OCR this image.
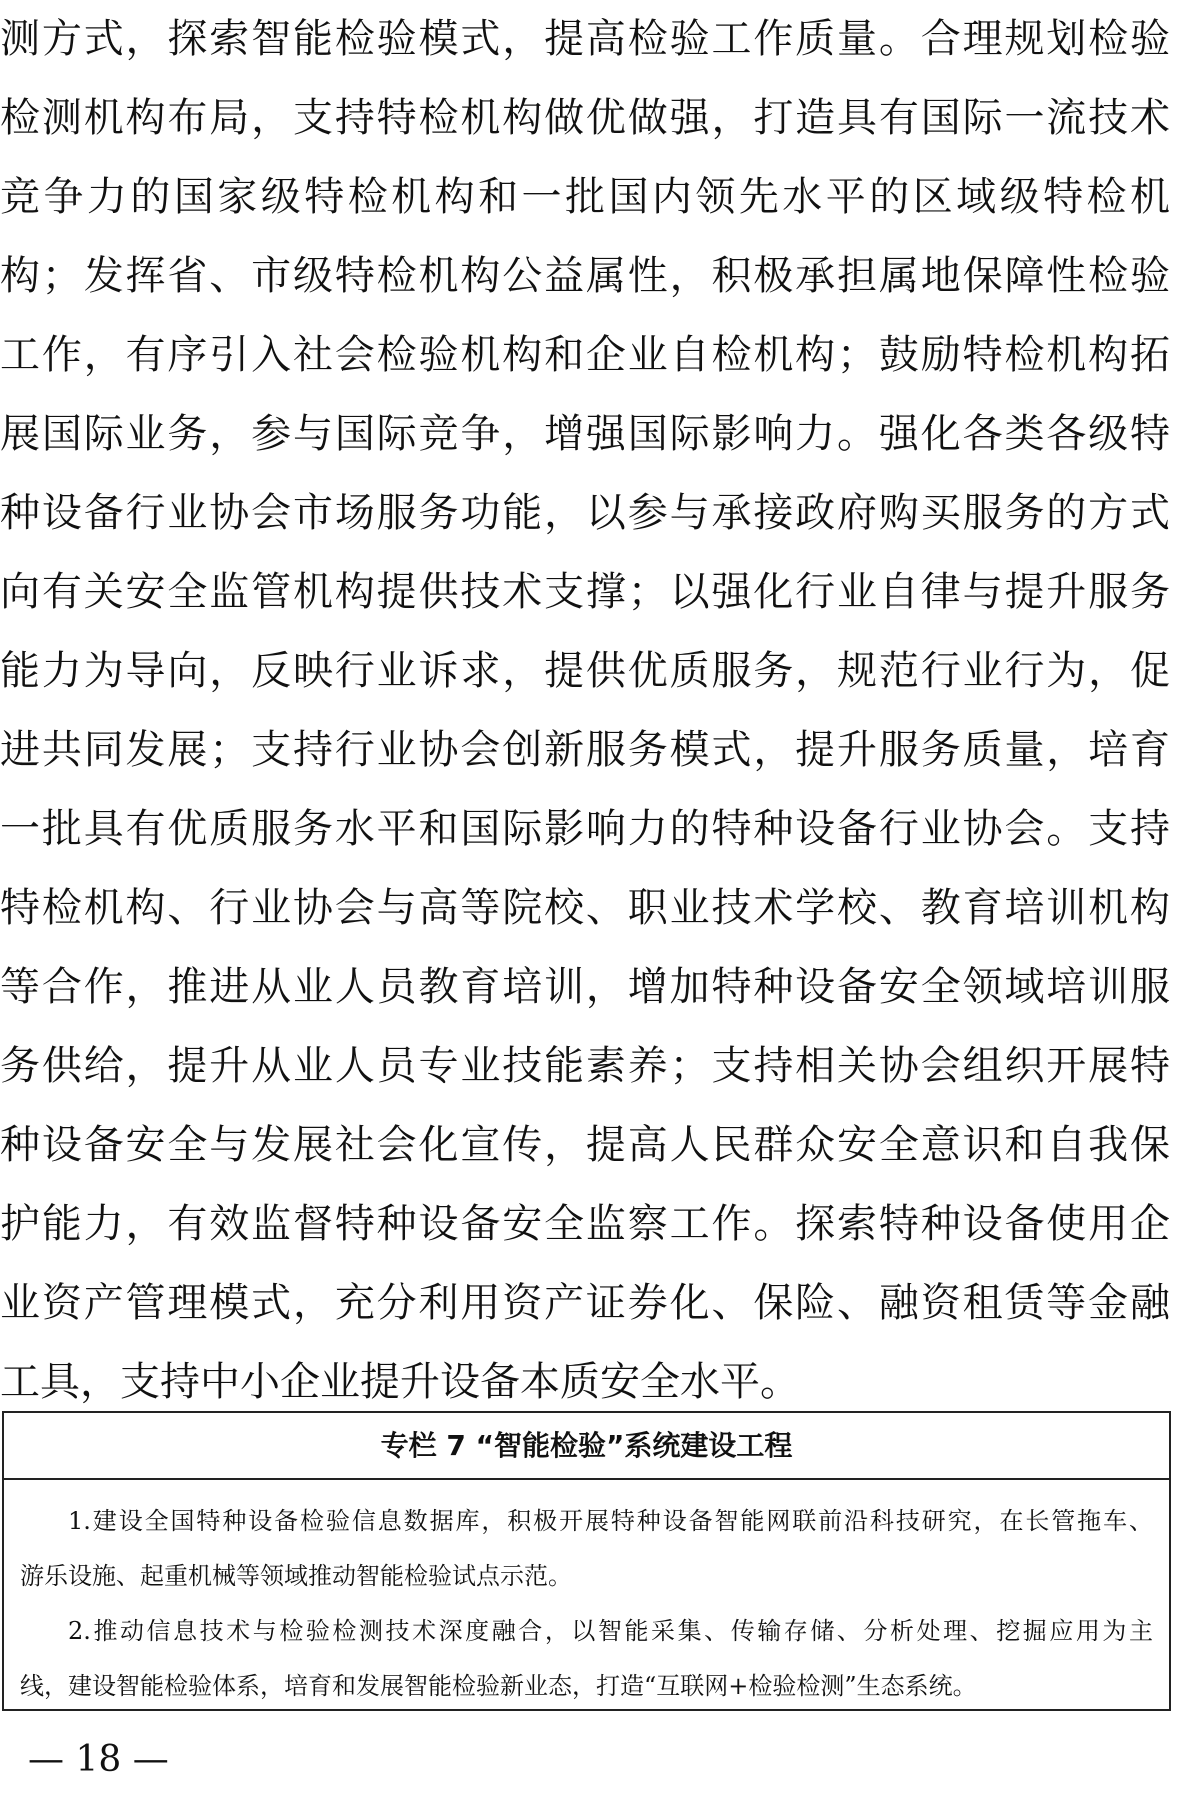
测方式，探索智能检验模式，提高检验工作质量。合理规划检验
检测机构布局，支持特检机构做优做强，打造具有国际一流技术
竞争力的国家级特检机构和一批国内领先水平的区域级特检机
构；发挥省、市级特检机构公益属性，积极承担属地保障性检验
工作，有序引入社会检验机构和企业自检机构；鼓励特检机构拓
展国际业务，参与国际竞争，增强国际影响力。强化各类各级特
种设备行业协会市场服务功能，以参与承接政府购买服务的方式
向有关安全监管机构提供技术支撑；以强化行业自律与提升服务
能力为导向，反映行业诉求，提供优质服务，规范行业行为，促
进共同发展；支持行业协会创新服务模式，提升服务质量，培育
一批具有优质服务水平和国际影响力的特种设备行业协会。支持
特检机构、行业协会与高等院校、职业技术学校、教育培训机构
等合作，推进从业人员教育培训，增加特种设备安全领域培训服
务供给，提升从业人员专业技能素养；支持相关协会组织开展特
种设备安全与发展社会化宣传，提高人民群众安全意识和自我保
护能力，有效监督特种设备安全监察工作。探索特种设备使用企
业资产管理模式，充分利用资产证券化、保险、融资租赁等金融
工具，支持中小企业提升设备本质安全水平。
专栏 7 “智能检验”系统建设工程
1.建设全国特种设备检验信息数据库，积极开展特种设备智能网联前沿科技研究，在长管拖车、
游乐设施、起重机械等领域推动智能检验试点示范。
2.推动信息技术与检验检测技术深度融合，以智能采集、传输存储、分析处理、挖掘应用为主
线，建设智能检验体系，培育和发展智能检验新业态，打造“互联网+检验检测”生态系统。
— 18 —
